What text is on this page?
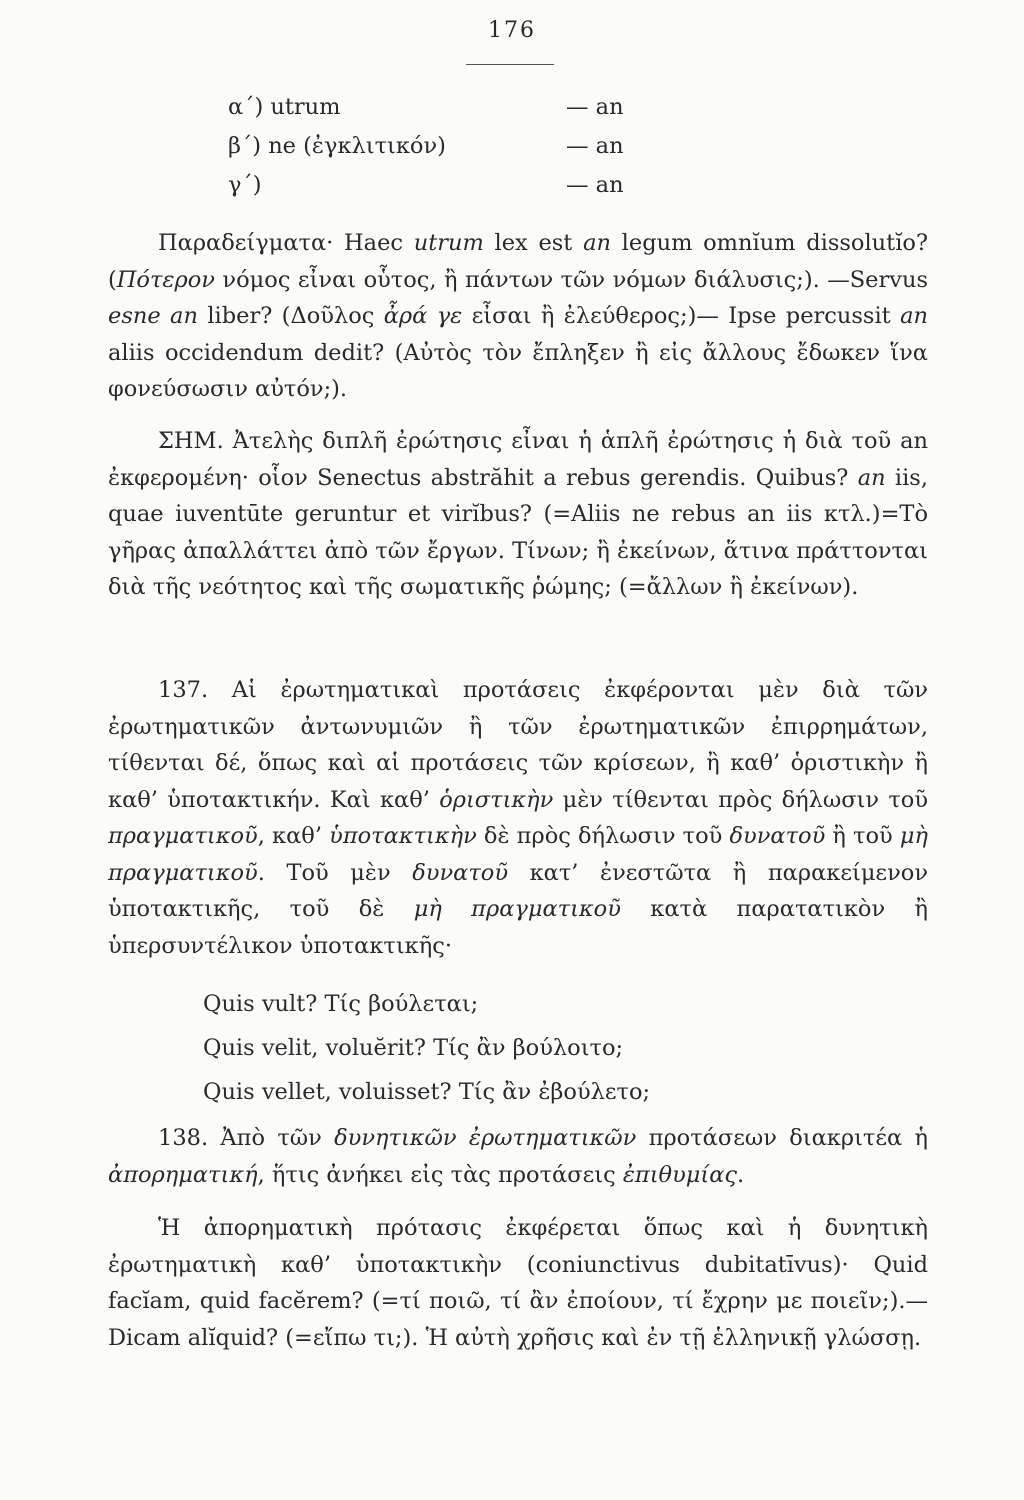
176
α΄) utrum	— an
β΄) ne (ἐγκλιτικόν)	— an
γ΄)	— an

Παραδείγματα· Haec utrum lex est an legum omnĭum dissolutĭo? (Πότερον νόμος εἶναι οὗτος, ἢ πάντων τῶν νόμων διάλυσις;). —Servus esne an liber? (Δοῦλος ἆρά γε εἶσαι ἢ ἐλεύθερος;)— Ipse percussit an aliis occidendum dedit? (Αὐτὸς τὸν ἔπληξεν ἢ εἰς ἄλλους ἔδωκεν ἵνα φονεύσωσιν αὐτόν;).

ΣΗΜ. Ἀτελὴς διπλῆ ἐρώτησις εἶναι ἡ ἁπλῆ ἐρώτησις ἡ διὰ τοῦ an ἐκφερομένη· οἷον Senectus abstrăhit a rebus gerendis. Quibus? an iis, quae iuventūte geruntur et virĭbus? (=Aliis ne rebus an iis κτλ.)=Τὸ γῆρας ἀπαλλάττει ἀπὸ τῶν ἔργων. Τίνων; ἢ ἐκείνων, ἅτινα πράττονται διὰ τῆς νεότητος καὶ τῆς σωματικῆς ῥώμης; (=ἄλλων ἢ ἐκείνων).

137. Αἱ ἐρωτηματικαὶ προτάσεις ἐκφέρονται μὲν διὰ τῶν ἐρωτηματικῶν ἀντωνυμιῶν ἢ τῶν ἐρωτηματικῶν ἐπιρρημάτων, τίθενται δέ, ὅπως καὶ αἱ προτάσεις τῶν κρίσεων, ἢ καθ’ ὁριστικὴν ἢ καθ’ ὑποτακτικήν. Καὶ καθ’ ὁριστικὴν μὲν τίθενται πρὸς δήλωσιν τοῦ πραγματικοῦ, καθ’ ὑποτακτικὴν δὲ πρὸς δήλωσιν τοῦ δυνατοῦ ἢ τοῦ μὴ πραγματικοῦ. Τοῦ μὲν δυνατοῦ κατ’ ἐνεστῶτα ἢ παρακείμενον ὑποτακτικῆς, τοῦ δὲ μὴ πραγματικοῦ κατὰ παρατατικὸν ἢ ὑπερσυντέλικον ὑποτακτικῆς·

Quis vult? Τίς βούλεται;
Quis velit, voluĕrit? Τίς ἂν βούλοιτο;
Quis vellet, voluisset? Τίς ἂν ἐβούλετο;

138. Ἀπὸ τῶν δυνητικῶν ἐρωτηματικῶν προτάσεων διακριτέα ἡ ἀπορηματική, ἥτις ἀνήκει εἰς τὰς προτάσεις ἐπιθυμίας.

Ἡ ἀπορηματικὴ πρότασις ἐκφέρεται ὅπως καὶ ἡ δυνητικὴ ἐρωτηματικὴ καθ’ ὑποτακτικὴν (coniunctivus dubitatīvus)· Quid facĭam, quid facĕrem? (=τί ποιῶ, τί ἂν ἐποίουν, τί ἔχρην με ποιεῖν;).—Dicam alĭquid? (=εἴπω τι;). Ἡ αὐτὴ χρῆσις καὶ ἐν τῇ ἑλληνικῇ γλώσσῃ.
